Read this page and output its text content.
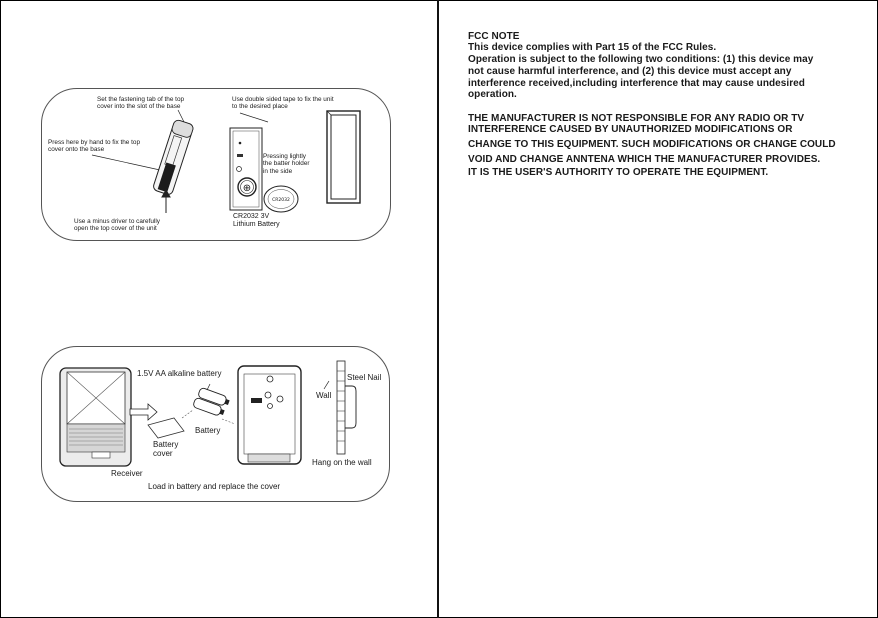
⊕
CR2032
Set the fastening tab of the top
cover into the slot of the base
Use double sided tape to fix the unit
to the desired place
Press here by hand to fix the top
cover onto the base
Pressing lightly
the batter holder
in the side
Use a minus driver to carefully
open the top cover of the unit
CR2032 3V
Lithium Battery
1.5V AA alkaline battery	Steel Nail
Wall
Battery
Battery
cover
Receiver
Hang on the wall
Load in battery and replace the cover
FCC NOTE
This device complies with Part 15 of the FCC Rules.
Operation is subject to the following two conditions: (1) this device may
not cause harmful interference, and (2) this device must accept any
interference received,including interference that may cause undesired
operation.
THE MANUFACTURER IS NOT RESPONSIBLE FOR ANY RADIO OR TV
INTERFERENCE CAUSED BY UNAUTHORIZED MODIFICATIONS OR
CHANGE TO THIS EQUIPMENT. SUCH MODIFICATIONS OR CHANGE COULD
VOID AND CHANGE ANNTENA WHICH THE MANUFACTURER PROVIDES.
IT IS THE USER'S AUTHORITY TO OPERATE THE EQUIPMENT.
